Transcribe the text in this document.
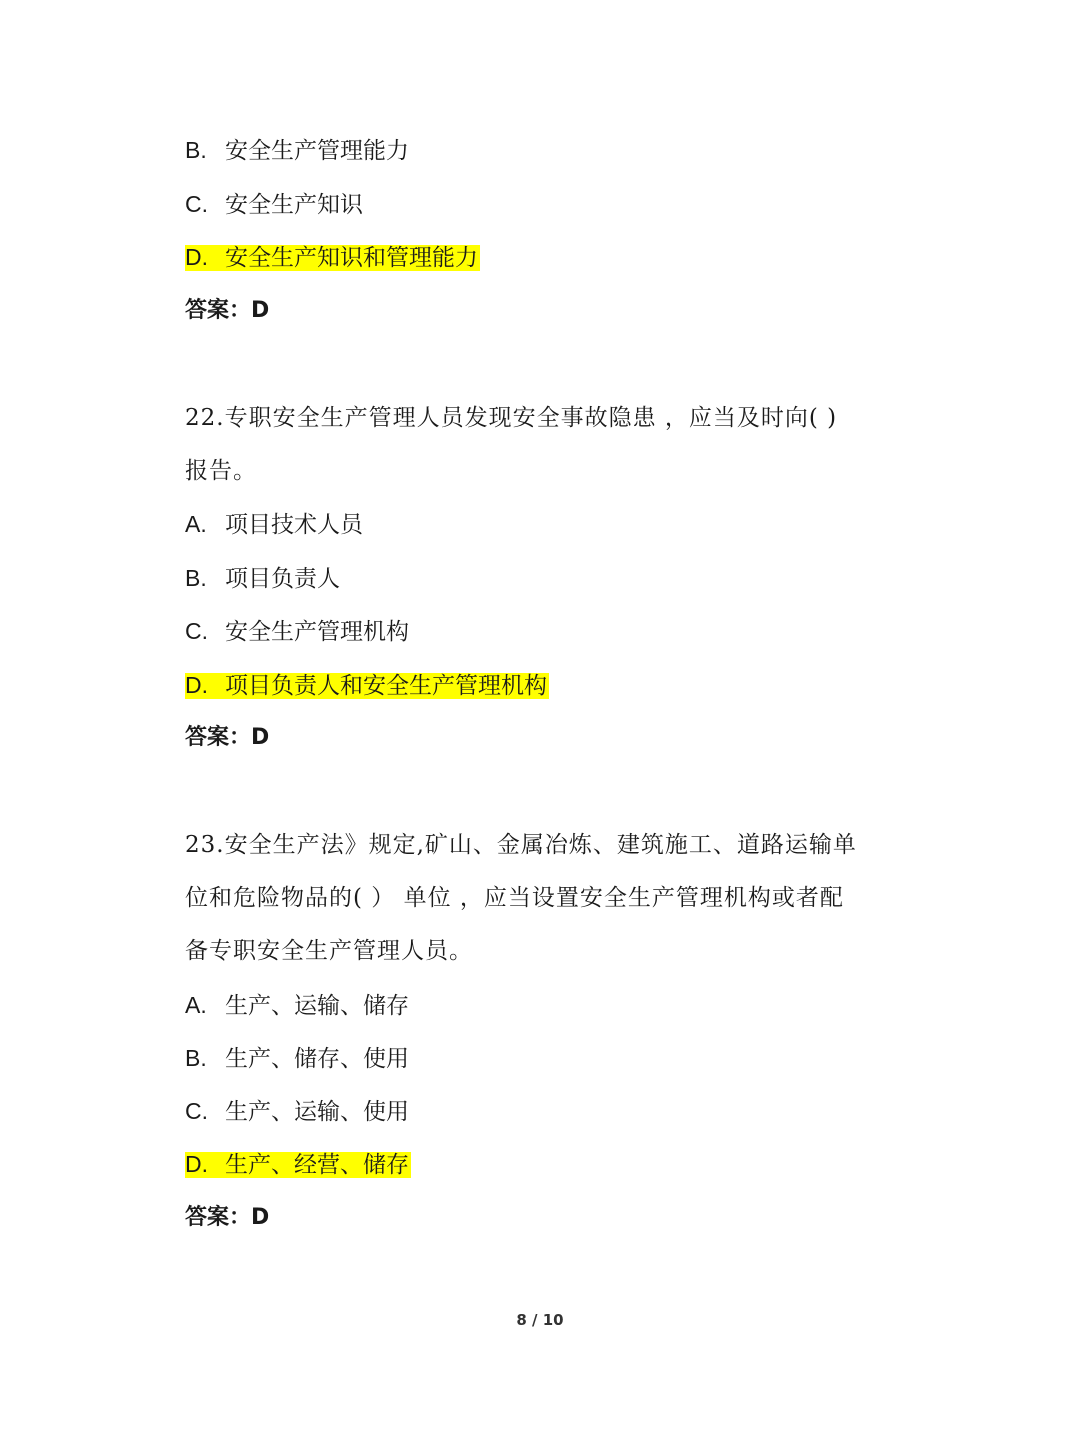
B. 安全生产管理能力
C. 安全生产知识
D. 安全生产知识和管理能力
答案：D
22.专职安全生产管理人员发现安全事故隐患 ，应当及时向( )
报告。
A. 项目技术人员
B. 项目负责人
C. 安全生产管理机构
D. 项目负责人和安全生产管理机构
答案：D
23.安全生产法》规定,矿山、金属冶炼、建筑施工、道路运输单
位和危险物品的( ） 单位 ，应当设置安全生产管理机构或者配
备专职安全生产管理人员。
A. 生产、运输、储存
B. 生产、储存、使用
C. 生产、运输、使用
D. 生产、经营、储存
答案：D
8 / 10
